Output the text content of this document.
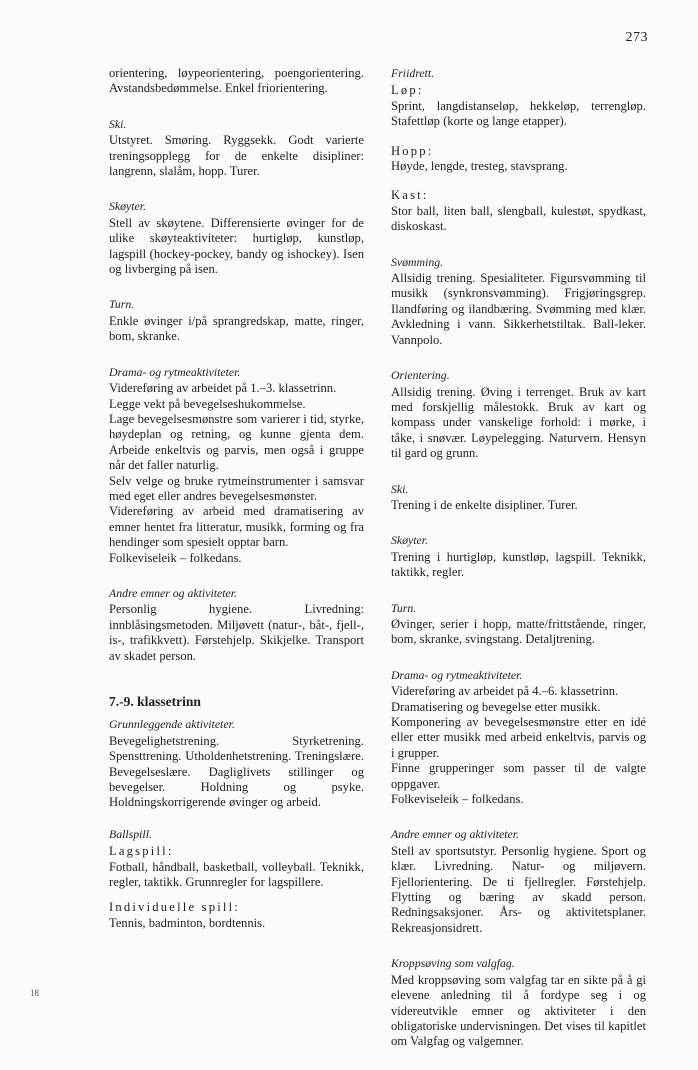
273
18

orientering, løypeorientering, poengorientering. Avstandsbedømmelse. Enkel friorientering.

Ski.

Utstyret. Smøring. Ryggsekk. Godt varierte treningsopplegg for de enkelte disipliner: langrenn, slalåm, hopp. Turer.

Skøyter.

Stell av skøytene. Differensierte øvinger for de ulike skøyteaktiviteter: hurtigløp, kunstløp, lagspill (hockey-pockey, bandy og ishockey). Isen og livberging på isen.

Turn.

Enkle øvinger i/på sprangredskap, matte, ringer, bom, skranke.

Drama- og rytmeaktiviteter.
Videreføring av arbeidet på 1.–3. klassetrinn.
Legge vekt på bevegelseshukommelse.
Lage bevegelsesmønstre som varierer i tid, styrke, høydeplan og retning, og kunne gjenta dem. Arbeide enkeltvis og parvis, men også i gruppe når det faller naturlig.
Selv velge og bruke rytmeinstrumenter i samsvar med eget eller andres bevegelsesmønster.
Videreføring av arbeid med dramatisering av emner hentet fra litteratur, musikk, forming og fra hendinger som spesielt opptar barn.
Folkeviseleik – folkedans.
Andre emner og aktiviteter.

Personlig hygiene. Livredning: innblåsingsmetoden. Miljøvett (natur-, båt-, fjell-, is-, trafikkvett). Førstehjelp. Skikjelke. Transport av skadet person.

7.-9. klassetrinn
Grunnleggende aktiviteter.

Bevegelighetstrening. Styrketrening. Spensttrening. Utholdenhetstrening. Treningslære. Bevegelseslære. Dagliglivets stillinger og bevegelser. Holdning og psyke. Holdningskorrigerende øvinger og arbeid.

Ballspill.
Lagspill:

Fotball, håndball, basketball, volleyball. Teknikk, regler, taktikk. Grunnregler for lagspillere.

Individuelle spill:

Tennis, badminton, bordtennis.

Friidrett.
Løp:

Sprint, langdistanseløp, hekkeløp, terrengløp. Stafettløp (korte og lange etapper).

Hopp:

Høyde, lengde, tresteg, stavsprang.

Kast:

Stor ball, liten ball, slengball, kulestøt, spydkast, diskoskast.

Svømming.

Allsidig trening. Spesialiteter. Figursvømming til musikk (synkronsvømming). Frigjøringsgrep. Ilandføring og ilandbæring. Svømming med klær. Avkledning i vann. Sikkerhetstiltak. Ball-leker. Vannpolo.

Orientering.

Allsidig trening. Øving i terrenget. Bruk av kart med forskjellig målestokk. Bruk av kart og kompass under vanskelige forhold: i mørke, i tåke, i snøvær. Løypelegging. Naturvern. Hensyn til gard og grunn.

Ski.

Trening i de enkelte disipliner. Turer.

Skøyter.

Trening i hurtigløp, kunstløp, lagspill. Teknikk, taktikk, regler.

Turn.

Øvinger, serier i hopp, matte/frittstående, ringer, bom, skranke, svingstang. Detaljtrening.

Drama- og rytmeaktiviteter.
Videreføring av arbeidet på 4.–6. klassetrinn.
Dramatisering og bevegelse etter musikk.
Komponering av bevegelsesmønstre etter en idé eller etter musikk med arbeid enkeltvis, parvis og i grupper.
Finne grupperinger som passer til de valgte oppgaver.
Folkeviseleik – folkedans.
Andre emner og aktiviteter.

Stell av sportsutstyr. Personlig hygiene. Sport og klær. Livredning. Natur- og miljøvern. Fjellorientering. De ti fjellregler. Førstehjelp. Flytting og bæring av skadd person. Redningsaksjoner. Års- og aktivitetsplaner. Rekreasjonsidrett.

Kroppsøving som valgfag.

Med kroppsøving som valgfag tar en sikte på å gi elevene anledning til å fordype seg i og videreutvikle emner og aktiviteter i den obligatoriske undervisningen. Det vises til kapitlet om Valgfag og valgemner.
